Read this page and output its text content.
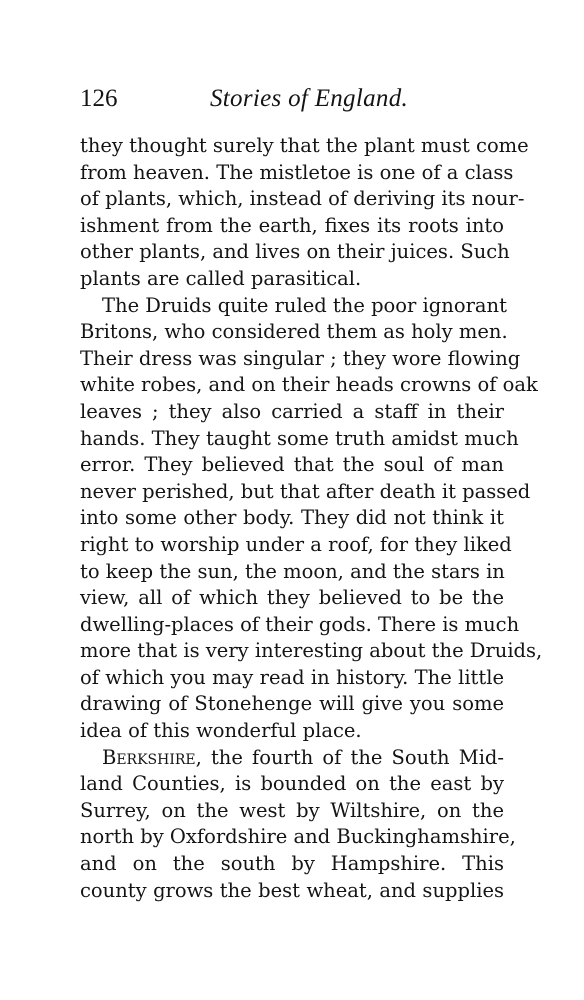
126	Stories of England.
they thought surely that the plant must come
from heaven. The mistletoe is one of a class
of plants, which, instead of deriving its nour-
ishment from the earth, fixes its roots into
other plants, and lives on their juices. Such
plants are called parasitical.
The Druids quite ruled the poor ignorant
Britons, who considered them as holy men.
Their dress was singular ; they wore flowing
white robes, and on their heads crowns of oak
leaves ; they also carried a staff in their
hands. They taught some truth amidst much
error. They believed that the soul of man
never perished, but that after death it passed
into some other body. They did not think it
right to worship under a roof, for they liked
to keep the sun, the moon, and the stars in
view, all of which they believed to be the
dwelling-places of their gods. There is much
more that is very interesting about the Druids,
of which you may read in history. The little
drawing of Stonehenge will give you some
idea of this wonderful place.
Berkshire, the fourth of the South Mid-
land Counties, is bounded on the east by
Surrey, on the west by Wiltshire, on the
north by Oxfordshire and Buckinghamshire,
and on the south by Hampshire. This
county grows the best wheat, and supplies
